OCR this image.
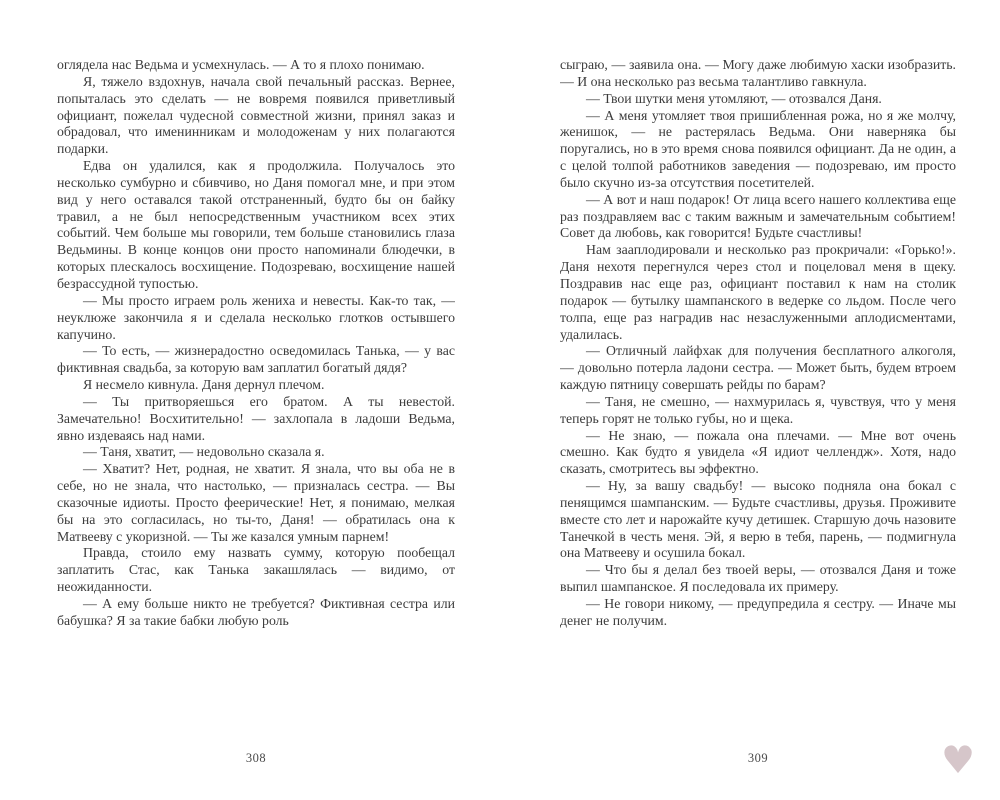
оглядела нас Ведьма и усмехнулась. — А то я плохо понимаю.

Я, тяжело вздохнув, начала свой печальный рассказ. Вернее, попыталась это сделать — не вовремя появился приветливый официант, пожелал чудесной совместной жизни, принял заказ и обрадовал, что именинникам и молодоженам у них полагаются подарки.

Едва он удалился, как я продолжила. Получалось это несколько сумбурно и сбивчиво, но Даня помогал мне, и при этом вид у него оставался такой отстраненный, будто бы он байку травил, а не был непосредственным участником всех этих событий. Чем больше мы говорили, тем больше становились глаза Ведьмины. В конце концов они просто напоминали блюдечки, в которых плескалось восхищение. Подозреваю, восхищение нашей безрассудной тупостью.

— Мы просто играем роль жениха и невесты. Как-то так, — неуклюже закончила я и сделала несколько глотков остывшего капучино.

— То есть, — жизнерадостно осведомилась Танька, — у вас фиктивная свадьба, за которую вам заплатил богатый дядя?

Я несмело кивнула. Даня дернул плечом.

— Ты притворяешься его братом. А ты невестой. Замечательно! Восхитительно! — захлопала в ладоши Ведьма, явно издеваясь над нами.

— Таня, хватит, — недовольно сказала я.

— Хватит? Нет, родная, не хватит. Я знала, что вы оба не в себе, но не знала, что настолько, — призналась сестра. — Вы сказочные идиоты. Просто феерические! Нет, я понимаю, мелкая бы на это согласилась, но ты-то, Даня! — обратилась она к Матвееву с укоризной. — Ты же казался умным парнем!

Правда, стоило ему назвать сумму, которую пообещал заплатить Стас, как Танька закашлялась — видимо, от неожиданности.

— А ему больше никто не требуется? Фиктивная сестра или бабушка? Я за такие бабки любую роль

308

сыграю, — заявила она. — Могу даже любимую хаски изобразить. — И она несколько раз весьма талантливо гавкнула.

— Твои шутки меня утомляют, — отозвался Даня.

— А меня утомляет твоя пришибленная рожа, но я же молчу, женишок, — не растерялась Ведьма. Они наверняка бы поругались, но в это время снова появился официант. Да не один, а с целой толпой работников заведения — подозреваю, им просто было скучно из-за отсутствия посетителей.

— А вот и наш подарок! От лица всего нашего коллектива еще раз поздравляем вас с таким важным и замечательным событием! Совет да любовь, как говорится! Будьте счастливы!

Нам зааплодировали и несколько раз прокричали: «Горько!». Даня нехотя перегнулся через стол и поцеловал меня в щеку. Поздравив нас еще раз, официант поставил к нам на столик подарок — бутылку шампанского в ведерке со льдом. После чего толпа, еще раз наградив нас незаслуженными аплодисментами, удалилась.

— Отличный лайфхак для получения бесплатного алкоголя, — довольно потерла ладони сестра. — Может быть, будем втроем каждую пятницу совершать рейды по барам?

— Таня, не смешно, — нахмурилась я, чувствуя, что у меня теперь горят не только губы, но и щека.

— Не знаю, — пожала она плечами. — Мне вот очень смешно. Как будто я увидела «Я идиот челлендж». Хотя, надо сказать, смотритесь вы эффектно.

— Ну, за вашу свадьбу! — высоко подняла она бокал с пенящимся шампанским. — Будьте счастливы, друзья. Проживите вместе сто лет и нарожайте кучу детишек. Старшую дочь назовите Танечкой в честь меня. Эй, я верю в тебя, парень, — подмигнула она Матвееву и осушила бокал.

— Что бы я делал без твоей веры, — отозвался Даня и тоже выпил шампанское. Я последовала их примеру.

— Не говори никому, — предупредила я сестру. — Иначе мы денег не получим.

309	♥
